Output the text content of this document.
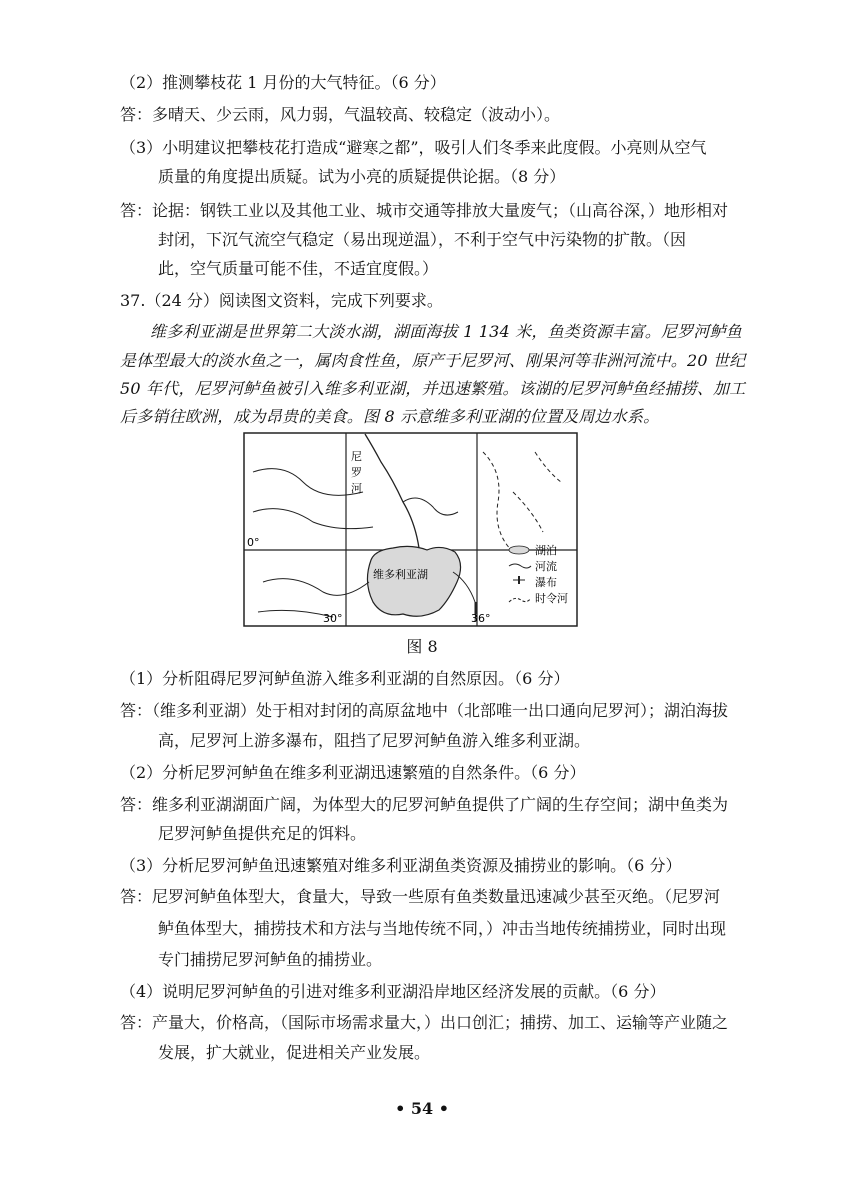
（2）推测攀枝花 1 月份的大气特征。（6 分）
答：多晴天、少云雨，风力弱，气温较高、较稳定（波动小）。
（3）小明建议把攀枝花打造成“避寒之都”，吸引人们冬季来此度假。小亮则从空气
质量的角度提出质疑。试为小亮的质疑提供论据。（8 分）
答：论据：钢铁工业以及其他工业、城市交通等排放大量废气；（山高谷深，）地形相对
封闭，下沉气流空气稳定（易出现逆温），不利于空气中污染物的扩散。（因
此，空气质量可能不佳，不适宜度假。）
37.（24 分）阅读图文资料，完成下列要求。
维多利亚湖是世界第二大淡水湖，湖面海拔 1 134 米，鱼类资源丰富。尼罗河鲈鱼
是体型最大的淡水鱼之一，属肉食性鱼，原产于尼罗河、刚果河等非洲河流中。20 世纪
50 年代，尼罗河鲈鱼被引入维多利亚湖，并迅速繁殖。该湖的尼罗河鲈鱼经捕捞、加工
后多销往欧洲，成为昂贵的美食。图 8 示意维多利亚湖的位置及周边水系。
尼
罗
河
维多利亚湖
0°
30°	36°
湖泊
河流
瀑布
时令河
图 8
（1）分析阻碍尼罗河鲈鱼游入维多利亚湖的自然原因。（6 分）
答：（维多利亚湖）处于相对封闭的高原盆地中（北部唯一出口通向尼罗河）；湖泊海拔
高，尼罗河上游多瀑布，阻挡了尼罗河鲈鱼游入维多利亚湖。
（2）分析尼罗河鲈鱼在维多利亚湖迅速繁殖的自然条件。（6 分）
答：维多利亚湖湖面广阔，为体型大的尼罗河鲈鱼提供了广阔的生存空间；湖中鱼类为
尼罗河鲈鱼提供充足的饵料。
（3）分析尼罗河鲈鱼迅速繁殖对维多利亚湖鱼类资源及捕捞业的影响。（6 分）
答：尼罗河鲈鱼体型大，食量大，导致一些原有鱼类数量迅速减少甚至灭绝。（尼罗河
鲈鱼体型大，捕捞技术和方法与当地传统不同，）冲击当地传统捕捞业，同时出现
专门捕捞尼罗河鲈鱼的捕捞业。
（4）说明尼罗河鲈鱼的引进对维多利亚湖沿岸地区经济发展的贡献。（6 分）
答：产量大，价格高，（国际市场需求量大，）出口创汇；捕捞、加工、运输等产业随之
发展，扩大就业，促进相关产业发展。
• 54 •
